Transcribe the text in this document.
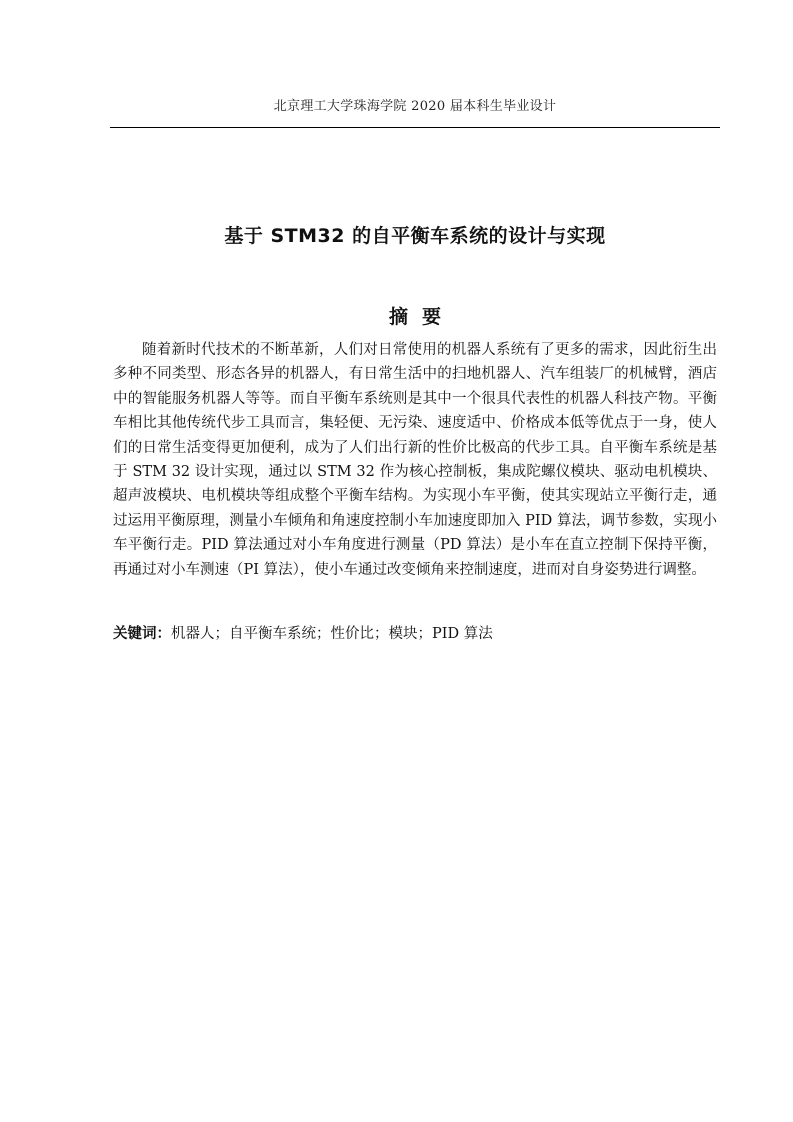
北京理工大学珠海学院 2020 届本科生毕业设计
基于 STM32 的自平衡车系统的设计与实现
摘要

随着新时代技术的不断革新，人们对日常使用的机器人系统有了更多的需求，因此衍生出多种不同类型、形态各异的机器人，有日常生活中的扫地机器人、汽车组装厂的机械臂，酒店中的智能服务机器人等等。而自平衡车系统则是其中一个很具代表性的机器人科技产物。平衡车相比其他传统代步工具而言，集轻便、无污染、速度适中、价格成本低等优点于一身，使人们的日常生活变得更加便利，成为了人们出行新的性价比极高的代步工具。自平衡车系统是基于 STM 32 设计实现，通过以 STM 32 作为核心控制板，集成陀螺仪模块、驱动电机模块、超声波模块、电机模块等组成整个平衡车结构。为实现小车平衡，使其实现站立平衡行走，通过运用平衡原理，测量小车倾角和角速度控制小车加速度即加入 PID 算法，调节参数，实现小车平衡行走。PID 算法通过对小车角度进行测量（PD 算法）是小车在直立控制下保持平衡，再通过对小车测速（PI 算法），使小车通过改变倾角来控制速度，进而对自身姿势进行调整。

关键词：机器人；自平衡车系统；性价比；模块；PID 算法
